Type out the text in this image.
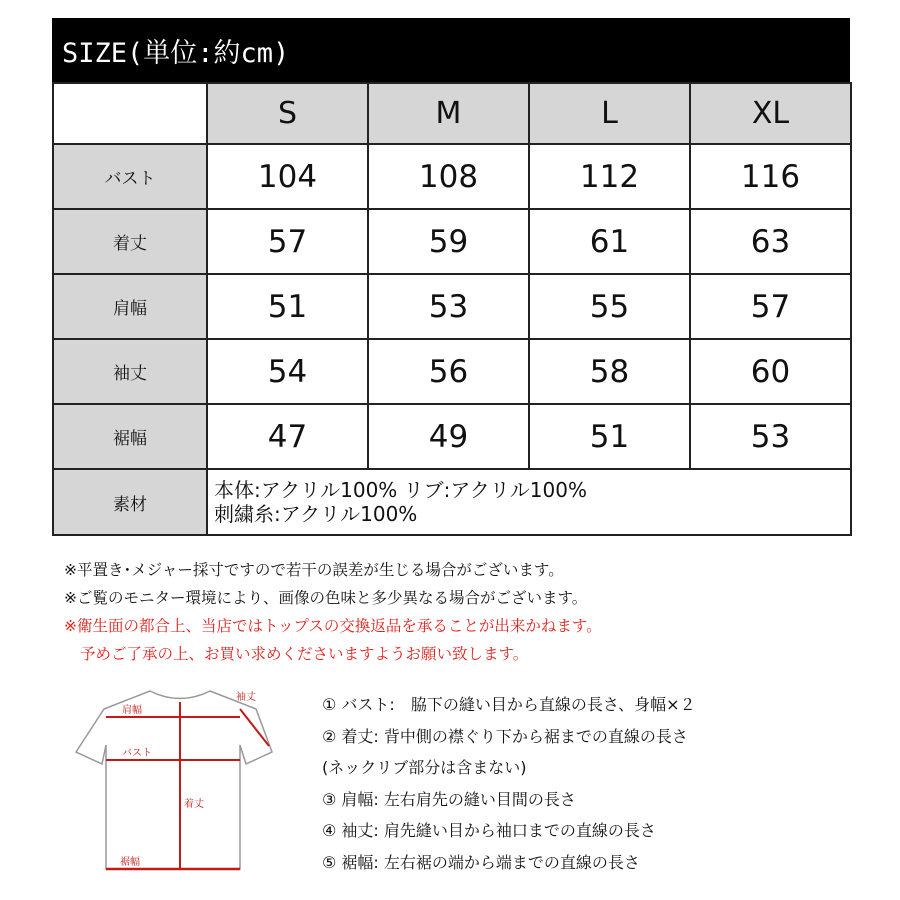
SIZE(単位:約cm)
	S	M	L	XL
バスト	104	108	112	116
着丈	57	59	61	63
肩幅	51	53	55	57
袖丈	54	56	58	60
裾幅	47	49	51	53
素材	本体:アクリル100% リブ:アクリル100%
刺繍糸:アクリル100%			
※平置き･メジャー採寸ですので若干の誤差が生じる場合がございます。
※ご覧のモニター環境により、画像の色味と多少異なる場合がございます。
※衛生面の都合上、当店ではトップスの交換返品を承ることが出来かねます。
予めご了承の上、お買い求めくださいますようお願い致します。
肩幅
袖丈
バスト
着丈
裾幅
① バスト:　脇下の縫い目から直線の長さ、身幅×２
② 着丈: 背中側の襟ぐり下から裾までの直線の長さ
(ネックリブ部分は含まない)
③ 肩幅: 左右肩先の縫い目間の長さ
④ 袖丈: 肩先縫い目から袖口までの直線の長さ
⑤ 裾幅: 左右裾の端から端までの直線の長さ
